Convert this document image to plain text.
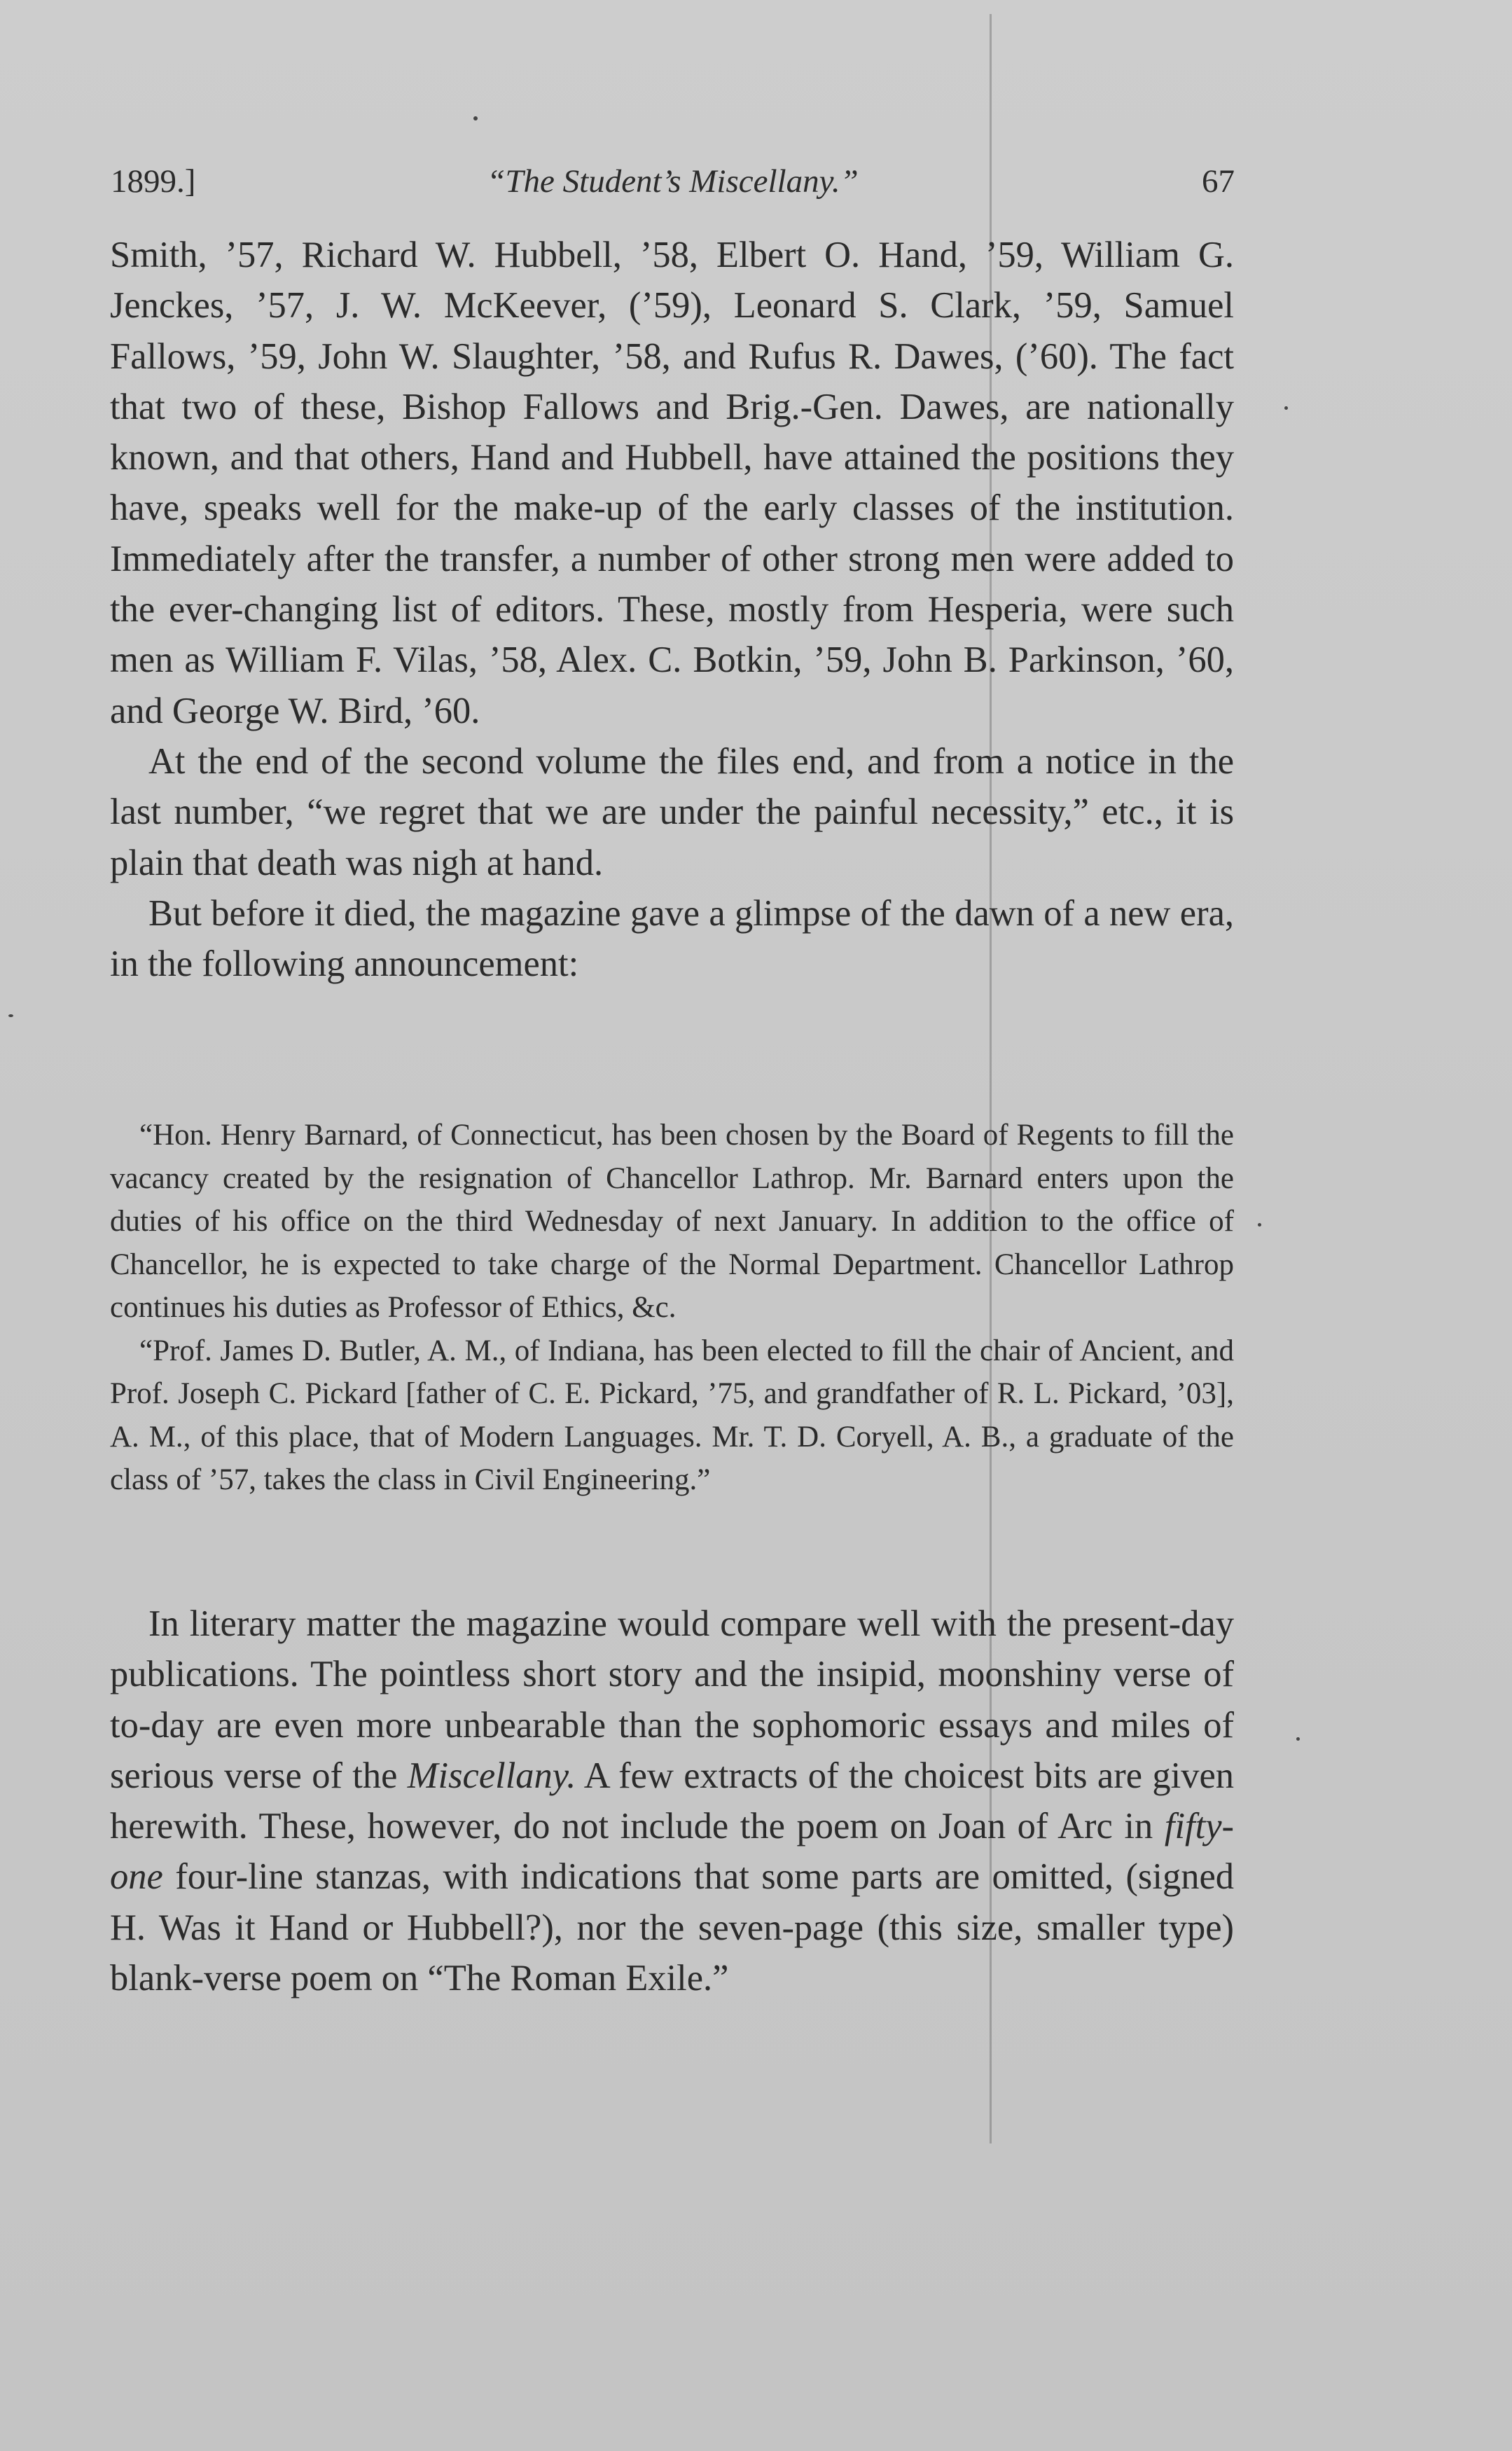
1899.]	“The Student’s Miscellany.”	67

Smith, ’57, Richard W. Hubbell, ’58, Elbert O. Hand, ’59, William G. Jenckes, ’57, J. W. McKeever, (’59), Leonard S. Clark, ’59, Samuel Fallows, ’59, John W. Slaughter, ’58, and Rufus R. Dawes, (’60). The fact that two of these, Bishop Fallows and Brig.-Gen. Dawes, are nationally known, and that others, Hand and Hubbell, have attained the positions they have, speaks well for the make-up of the early classes of the institution. Immediately after the transfer, a number of other strong men were added to the ever-changing list of editors. These, mostly from Hesperia, were such men as William F. Vilas, ’58, Alex. C. Botkin, ’59, John B. Parkinson, ’60, and George W. Bird, ’60.

At the end of the second volume the files end, and from a notice in the last number, “we regret that we are under the painful necessity,” etc., it is plain that death was nigh at hand.

But before it died, the magazine gave a glimpse of the dawn of a new era, in the following announcement:

“Hon. Henry Barnard, of Connecticut, has been chosen by the Board of Regents to fill the vacancy created by the resignation of Chancellor Lathrop. Mr. Barnard enters upon the duties of his office on the third Wednesday of next January. In addition to the office of Chancellor, he is expected to take charge of the Normal Department. Chancellor Lathrop continues his duties as Professor of Ethics, &c.

“Prof. James D. Butler, A. M., of Indiana, has been elected to fill the chair of Ancient, and Prof. Joseph C. Pickard [father of C. E. Pickard, ’75, and grandfather of R. L. Pickard, ’03], A. M., of this place, that of Modern Languages. Mr. T. D. Coryell, A. B., a graduate of the class of ’57, takes the class in Civil Engineering.”

In literary matter the magazine would compare well with the present-day publications. The pointless short story and the insipid, moonshiny verse of to-day are even more unbearable than the sophomoric essays and miles of serious verse of the Miscellany. A few extracts of the choicest bits are given herewith. These, however, do not include the poem on Joan of Arc in fifty-one four-line stanzas, with indications that some parts are omitted, (signed H. Was it Hand or Hubbell?), nor the seven-page (this size, smaller type) blank-verse poem on “The Roman Exile.”
